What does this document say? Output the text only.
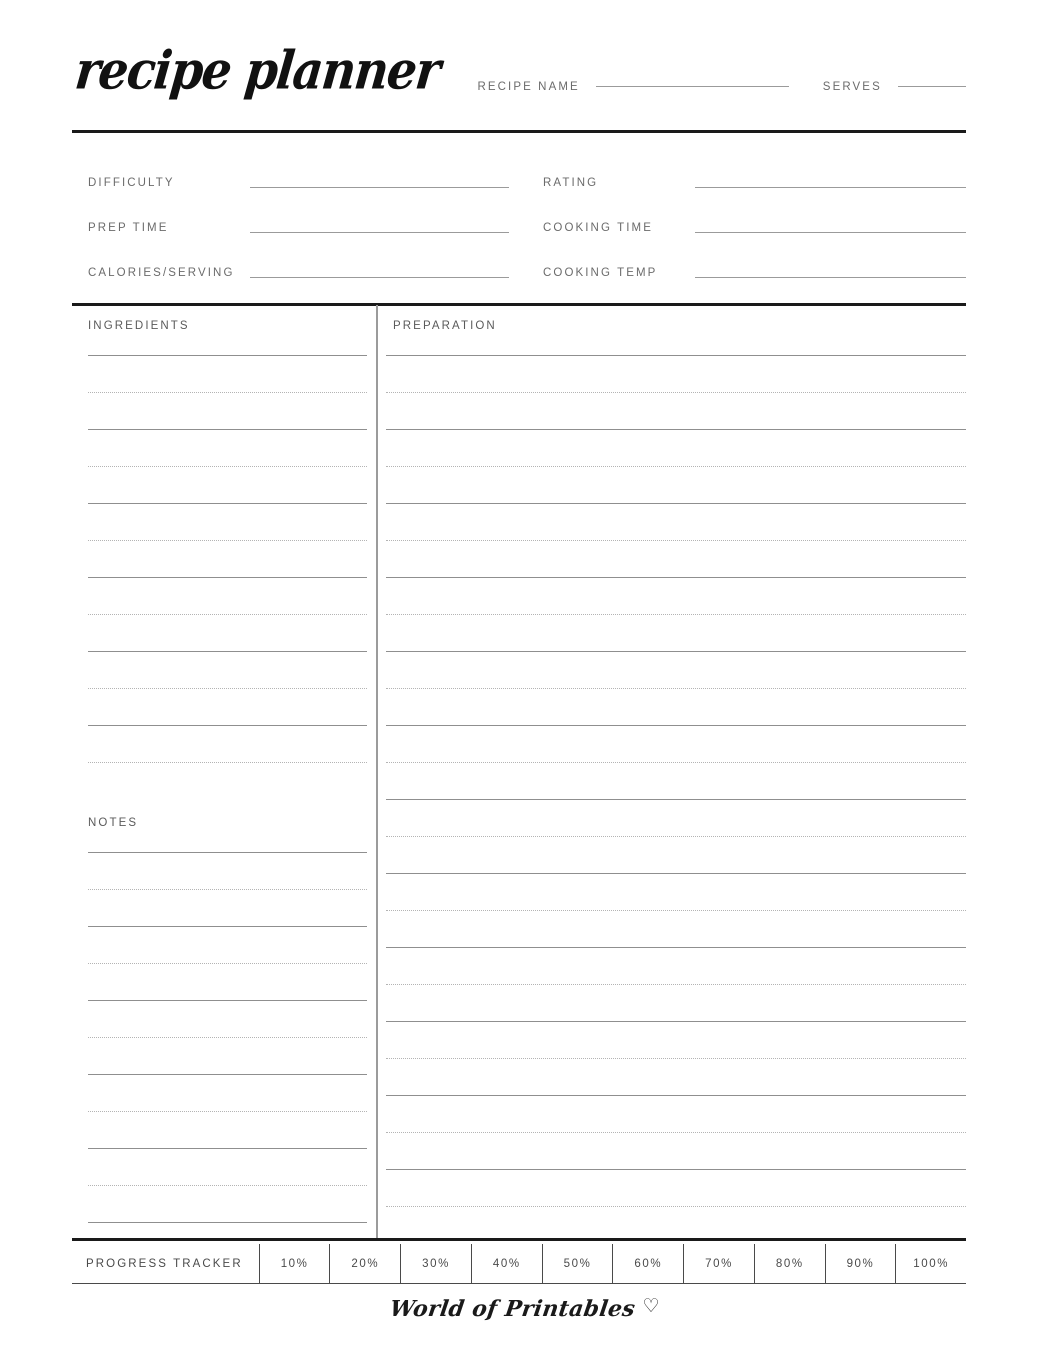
recipe planner	RECIPE NAME	SERVES
DIFFICULTY	RATING
PREP TIME	COOKING TIME
CALORIES/SERVING	COOKING TEMP
INGREDIENTS	PREPARATION
NOTES
PROGRESS TRACKER	10%	20%	30%	40%	50%	60%	70%	80%	90%	100%
World of Printables ♡
